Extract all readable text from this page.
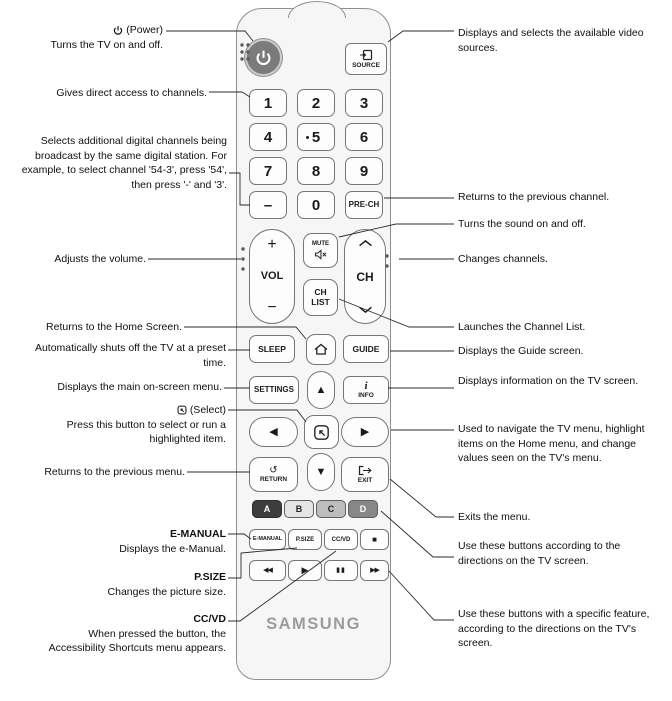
SOURCE
1	2	3
4	5	6
7	8	9
–	0	PRE-CH
+
VOL
−
MUTE
CH
LIST
CH
SLEEP	GUIDE
SETTINGS	▲	i
INFO
◀	▶
↺
RETURN
▼
EXIT
A	B	C	D
E-MANUAL	P.SIZE	CC/VD	■
◀◀	▶	▮▮	▶▶
SAMSUNG
(Power)
Turns the TV on and off.
Gives direct access to channels.
Selects additional digital channels being broadcast by the same digital station. For example, to select channel '54-3', press '54', then press '-' and '3'.
Adjusts the volume.
Returns to the Home Screen.
Automatically shuts off the TV at a preset time.
Displays the main on-screen menu.
(Select)
Press this button to select or run a highlighted item.
Returns to the previous menu.
E-MANUAL
Displays the e-Manual.
P.SIZE
Changes the picture size.
CC/VD
When pressed the button, the Accessibility Shortcuts menu appears.
Displays and selects the available video sources.
Returns to the previous channel.
Turns the sound on and off.
Changes channels.
Launches the Channel List.
Displays the Guide screen.
Displays information on the TV screen.
Used to navigate the TV menu, highlight items on the Home menu, and change values seen on the TV's menu.
Exits the menu.
Use these buttons according to the directions on the TV screen.
Use these buttons with a specific feature, according to the directions on the TV's screen.
